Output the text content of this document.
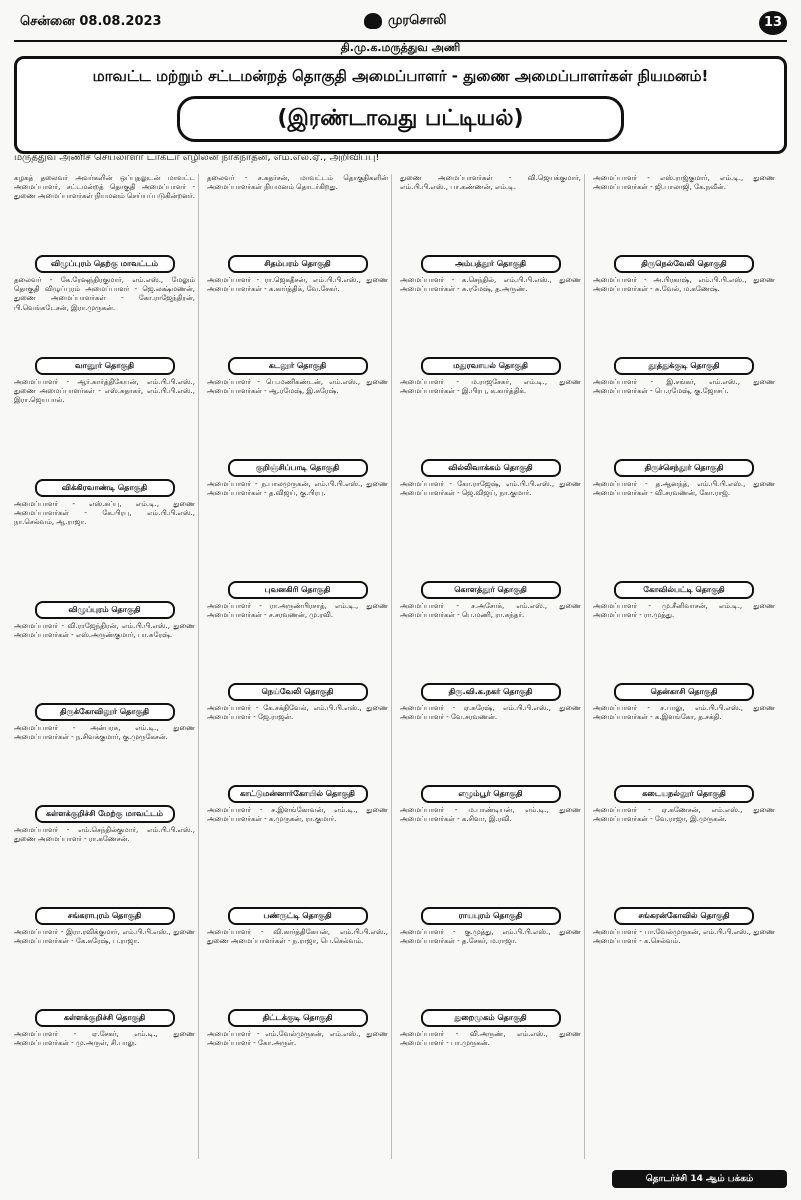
சென்னை 08.08.2023	முரசொலி	13
தி.மு.க.மருத்துவ அணி
மாவட்ட மற்றும் சட்டமன்றத் தொகுதி அமைப்பாளர் - துணை அமைப்பாளர்கள் நியமனம்!
(இரண்டாவது பட்டியல்)
மருத்துவ அணிச் செயலாளர் டாக்டர் எழிலன் நாகநாதன், எம்.எல்.ஏ., அறிவிப்பு!

கழகத் தலைவர் அவர்களின் ஒப்புதலுடன் மாவட்ட அமைப்பாளர், சட்டமன்றத் தொகுதி அமைப்பாளர் - துணை அமைப்பாளர்கள் நியமனம் செய்யப்படுகின்றனர்.

விழுப்புரம் தெற்கு மாவட்டம்

தலைவர் - கே.ரேஷந்திரகுமார், எம்.எஸ்., மேலும் தொகுதி விழுப்புரம் அமைப்பாளர் - ஜெ.லக்ஷ்மணன், துணை அமைப்பாளர்கள் - கோ.ராஜேந்திரன், பி.வெங்கடேசன், இரா.முருகன்.

வானூர் தொகுதி

அமைப்பாளர் - ஆர்.கார்த்திகேயன், எம்.பி.பி.எஸ்., துணை அமைப்பாளர்கள் - எஸ்.சுதாகர், எம்.பி.பி.எஸ்., இரா.ஜெயபால்.

விக்கிரவாண்டி தொகுதி

அமைப்பாளர் - எஸ்.சுப்பு, எம்.டி., துணை அமைப்பாளர்கள் - கே.பிரபு, எம்.பி.பி.எஸ்., நா.செல்வம், ஆ.ராஜா.

விழுப்புரம் தொகுதி

அமைப்பாளர் - வி.ராஜேந்திரன், எம்.பி.பி.எஸ்., துணை அமைப்பாளர்கள் - எஸ்.அருண்குமார், பா.சுரேஷ்.

திருக்கோவிலூர் தொகுதி

அமைப்பாளர் - அன்பரசு, எம்.டி., துணை அமைப்பாளர்கள் - ந.சிவக்குமார், கு.முருகேசன்.

கள்ளக்குறிச்சி மேற்கு மாவட்டம்

அமைப்பாளர் - எம்.செந்தில்குமார், எம்.பி.பி.எஸ்., துணை அமைப்பாளர் - ரா.கணேசன்.

சங்கராபுரம் தொகுதி

அமைப்பாளர் - இரா.ரவிக்குமார், எம்.பி.பி.எஸ்., துணை அமைப்பாளர்கள் - கே.சுரேஷ், ப.ராஜா.

கள்ளக்குறிச்சி தொகுதி

அமைப்பாளர் - ஏ.சேகர், எம்.டி., துணை அமைப்பாளர்கள் - மு.அருள், சி.பாலு.

தலைவர் - ச.சுதர்சன், மாவட்டம் தொகுதிகளின் அமைப்பாளர்கள் நியமனம் தொடர்கிறது.

சிதம்பரம் தொகுதி

அமைப்பாளர் - ரா.ஜெகதீசன், எம்.பி.பி.எஸ்., துணை அமைப்பாளர்கள் - க.கார்த்திக், வே.சேகர்.

கடலூர் தொகுதி

அமைப்பாளர் - பெ.மணிகண்டன், எம்.எஸ்., துணை அமைப்பாளர்கள் - ஆ.ரமேஷ், இ.சுரேஷ்.

குறிஞ்சிப்பாடி தொகுதி

அமைப்பாளர் - ந.பாலமுருகன், எம்.பி.பி.எஸ்., துணை அமைப்பாளர்கள் - த.விஜய், கு.பிரபு.

புவனகிரி தொகுதி

அமைப்பாளர் - ரா.அருண்பிரசாத், எம்.டி., துணை அமைப்பாளர்கள் - ச.சரவணன், மு.ரவி.

நெய்வேலி தொகுதி

அமைப்பாளர் - கே.சக்திவேல், எம்.பி.பி.எஸ்., துணை அமைப்பாளர் - ஜே.ராஜன்.

காட்டுமன்னார்கோயில் தொகுதி

அமைப்பாளர் - ச.இளங்கோவன், எம்.டி., துணை அமைப்பாளர்கள் - க.முருகன், ரா.குமார்.

பண்ருட்டி தொகுதி

அமைப்பாளர் - வி.கார்த்திகேயன், எம்.பி.பி.எஸ்., துணை அமைப்பாளர்கள் - ந.ராஜா, பெ.செல்வம்.

திட்டக்குடி தொகுதி

அமைப்பாளர் - எம்.வேல்முருகன், எம்.எஸ்., துணை அமைப்பாளர் - கோ.அருள்.

துணை அமைப்பாளர்கள் - வி.ஜெயக்குமார், எம்.பி.பி.எஸ்., பா.கண்ணன், எம்.டி.

அம்பத்தூர் தொகுதி

அமைப்பாளர் - க.செந்தில், எம்.பி.பி.எஸ்., துணை அமைப்பாளர்கள் - சு.ரமேஷ், த.அருண்.

மதுரவாயல் தொகுதி

அமைப்பாளர் - ம.ராஜசேகர், எம்.டி., துணை அமைப்பாளர்கள் - இ.பிரபு, க.கார்த்திக்.

வில்லிவாக்கம் தொகுதி

அமைப்பாளர் - கோ.ராஜேஷ், எம்.பி.பி.எஸ்., துணை அமைப்பாளர்கள் - ஜெ.விஜய், நா.குமார்.

கொளத்தூர் தொகுதி

அமைப்பாளர் - ச.அசோக், எம்.எஸ்., துணை அமைப்பாளர்கள் - பெ.மணி, ரா.சுந்தர்.

திரு.வி.க.நகர் தொகுதி

அமைப்பாளர் - ஏ.சுரேஷ், எம்.பி.பி.எஸ்., துணை அமைப்பாளர் - வே.சரவணன்.

எழும்பூர் தொகுதி

அமைப்பாளர் - ம.பாண்டியன், எம்.டி., துணை அமைப்பாளர்கள் - க.சிவா, இ.ரவி.

ராயபுரம் தொகுதி

அமைப்பாளர் - கு.முத்து, எம்.பி.பி.எஸ்., துணை அமைப்பாளர்கள் - த.சேகர், ம.ராஜா.

துறைமுகம் தொகுதி

அமைப்பாளர் - வி.அருண், எம்.எஸ்., துணை அமைப்பாளர் - பா.முருகன்.

அமைப்பாளர் - எஸ்.ராஜ்குமார், எம்.டி., துணை அமைப்பாளர்கள் - ஜி.பாலாஜி, கே.நவீன்.

திருநெல்வேலி தொகுதி

அமைப்பாளர் - அ.பிரகாஷ், எம்.பி.பி.எஸ்., துணை அமைப்பாளர்கள் - சு.வேல், ம.கணேஷ்.

தூத்துக்குடி தொகுதி

அமைப்பாளர் - இ.சங்கர், எம்.எஸ்., துணை அமைப்பாளர்கள் - பெ.ரமேஷ், கு.ஜோசப்.

திருச்செந்தூர் தொகுதி

அமைப்பாளர் - த.ஆனந்த், எம்.பி.பி.எஸ்., துணை அமைப்பாளர்கள் - வி.சரவணன், கோ.ராஜ்.

கோவில்பட்டி தொகுதி

அமைப்பாளர் - மு.சீனிவாசன், எம்.டி., துணை அமைப்பாளர் - ரா.முத்து.

தென்காசி தொகுதி

அமைப்பாளர் - ச.பாலு, எம்.பி.பி.எஸ்., துணை அமைப்பாளர்கள் - க.இளங்கோ, த.சக்தி.

கடையநல்லூர் தொகுதி

அமைப்பாளர் - ஏ.கணேசன், எம்.எஸ்., துணை அமைப்பாளர்கள் - வே.ராஜா, இ.முருகன்.

சங்கரன்கோவில் தொகுதி

அமைப்பாளர் - பா.வேல்முருகன், எம்.பி.பி.எஸ்., துணை அமைப்பாளர் - க.செல்வம்.

தொடர்ச்சி 14 ஆம் பக்கம்
